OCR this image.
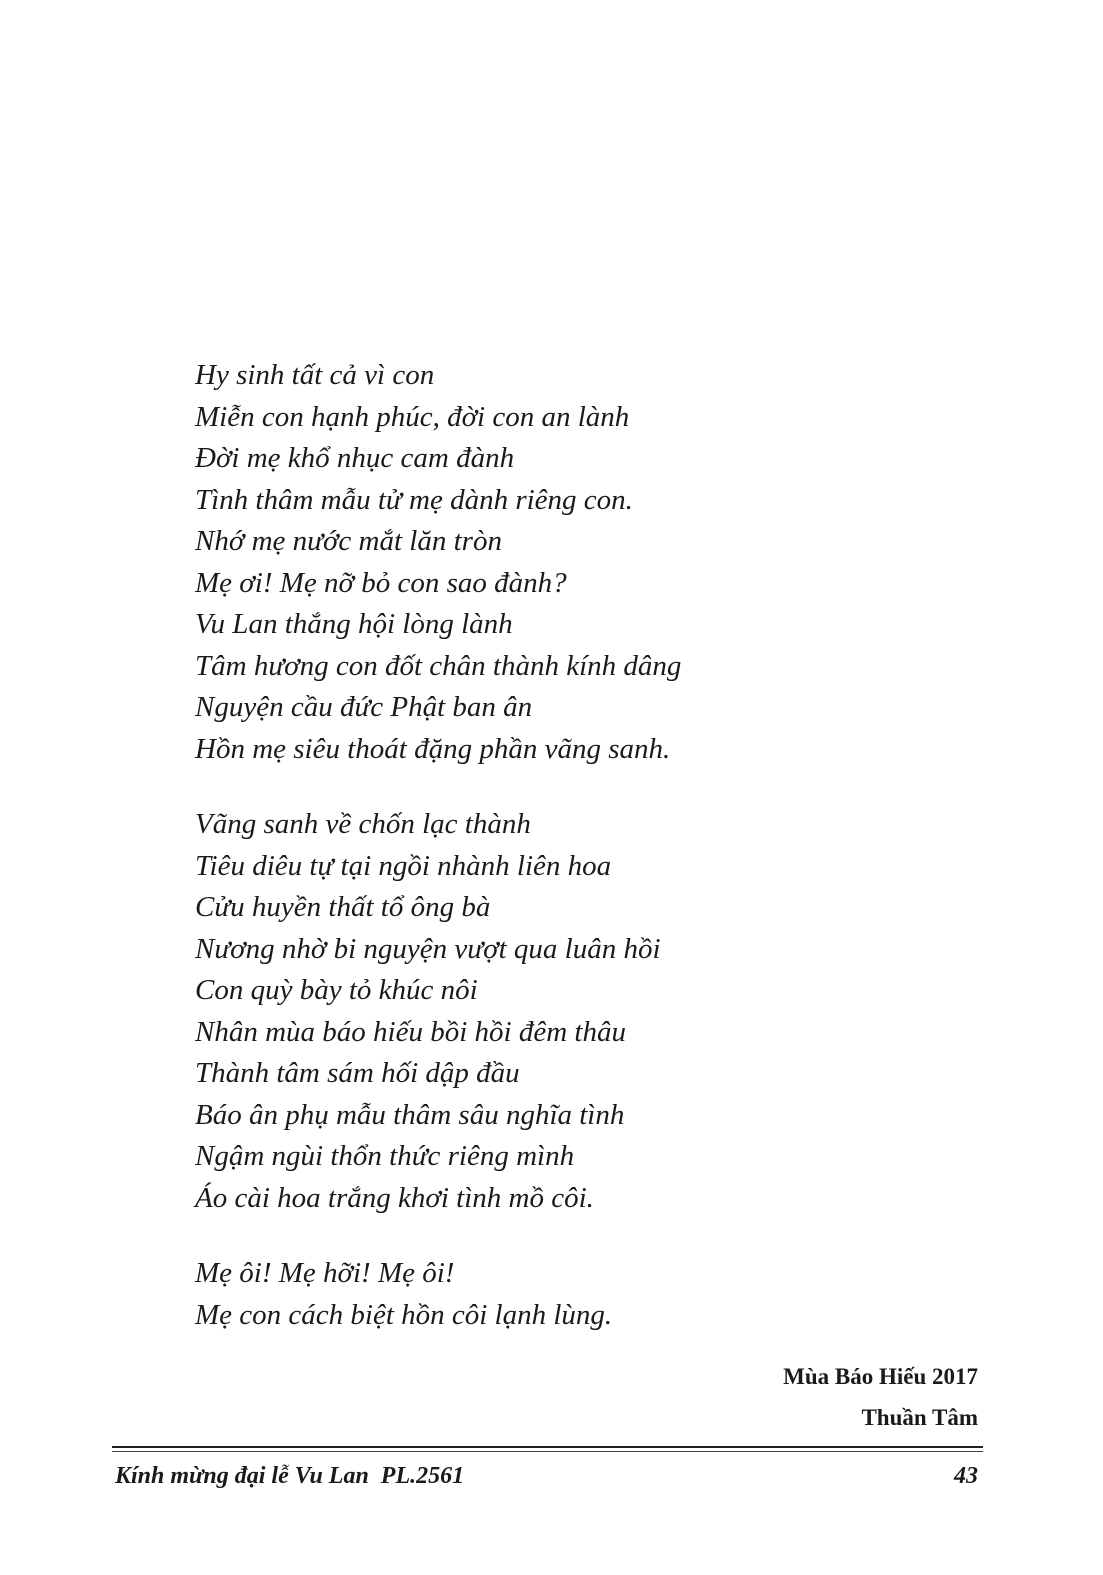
Hy sinh tất cả vì con
Miễn con hạnh phúc, đời con an lành
Đời mẹ khổ nhục cam đành
Tình thâm mẫu tử mẹ dành riêng con.
Nhớ mẹ nước mắt lăn tròn
Mẹ ơi! Mẹ nỡ bỏ con sao đành?
Vu Lan thắng hội lòng lành
Tâm hương con đốt chân thành kính dâng
Nguyện cầu đức Phật ban ân
Hồn mẹ siêu thoát đặng phần vãng sanh.
Vãng sanh về chốn lạc thành
Tiêu diêu tự tại ngồi nhành liên hoa
Cửu huyền thất tổ ông bà
Nương nhờ bi nguyện vượt qua luân hồi
Con quỳ bày tỏ khúc nôi
Nhân mùa báo hiếu bồi hồi đêm thâu
Thành tâm sám hối dập đầu
Báo ân phụ mẫu thâm sâu nghĩa tình
Ngậm ngùi thổn thức riêng mình
Áo cài hoa trắng khơi tình mồ côi.
Mẹ ôi! Mẹ hỡi! Mẹ ôi!
Mẹ con cách biệt hồn côi lạnh lùng.
Mùa Báo Hiếu 2017
Thuần Tâm
Kính mừng đại lễ Vu Lan  PL.2561	43
